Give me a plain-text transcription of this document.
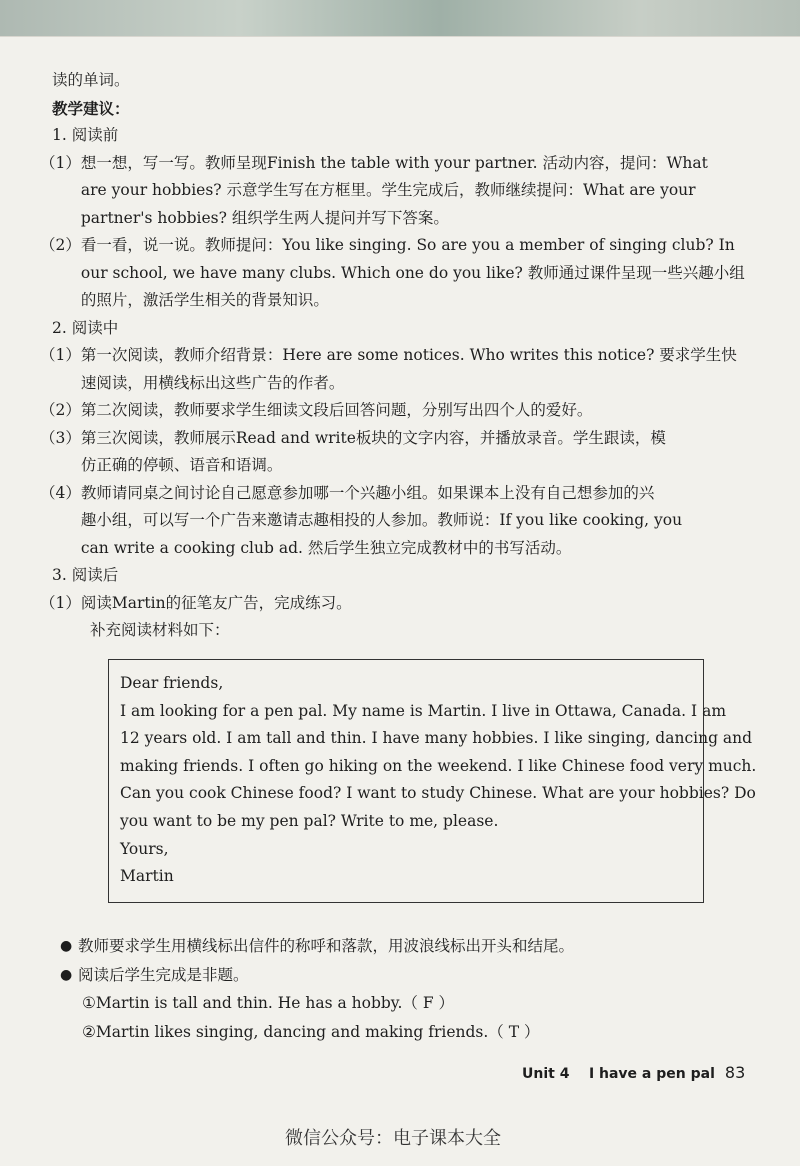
读的单词。
教学建议：
1. 阅读前
（1） 想一想，写一写。教师呈现Finish the table with your partner. 活动内容，提问：What
are your hobbies? 示意学生写在方框里。学生完成后，教师继续提问：What are your
partner's hobbies? 组织学生两人提问并写下答案。
（2） 看一看，说一说。教师提问：You like singing. So are you a member of singing club? In
our school, we have many clubs. Which one do you like? 教师通过课件呈现一些兴趣小组
的照片，激活学生相关的背景知识。
2. 阅读中
（1） 第一次阅读，教师介绍背景：Here are some notices. Who writes this notice? 要求学生快
速阅读，用横线标出这些广告的作者。
（2） 第二次阅读，教师要求学生细读文段后回答问题，分别写出四个人的爱好。
（3） 第三次阅读，教师展示Read and write板块的文字内容，并播放录音。学生跟读，模
仿正确的停顿、语音和语调。
（4） 教师请同桌之间讨论自己愿意参加哪一个兴趣小组。如果课本上没有自己想参加的兴
趣小组，可以写一个广告来邀请志趣相投的人参加。教师说：If you like cooking, you
can write a cooking club ad. 然后学生独立完成教材中的书写活动。
3. 阅读后
（1） 阅读Martin的征笔友广告，完成练习。
补充阅读材料如下：
Dear friends,
I am looking for a pen pal. My name is Martin. I live in Ottawa, Canada. I am
12 years old. I am tall and thin. I have many hobbies. I like singing, dancing and
making friends. I often go hiking on the weekend. I like Chinese food very much.
Can you cook Chinese food? I want to study Chinese. What are your hobbies? Do
you want to be my pen pal? Write to me, please.
Yours,
Martin
● 教师要求学生用横线标出信件的称呼和落款，用波浪线标出开头和结尾。
● 阅读后学生完成是非题。
①Martin is tall and thin. He has a hobby.（ F ）
②Martin likes singing, dancing and making friends.（ T ）
Unit 4    I have a pen pal 83
微信公众号：电子课本大全
